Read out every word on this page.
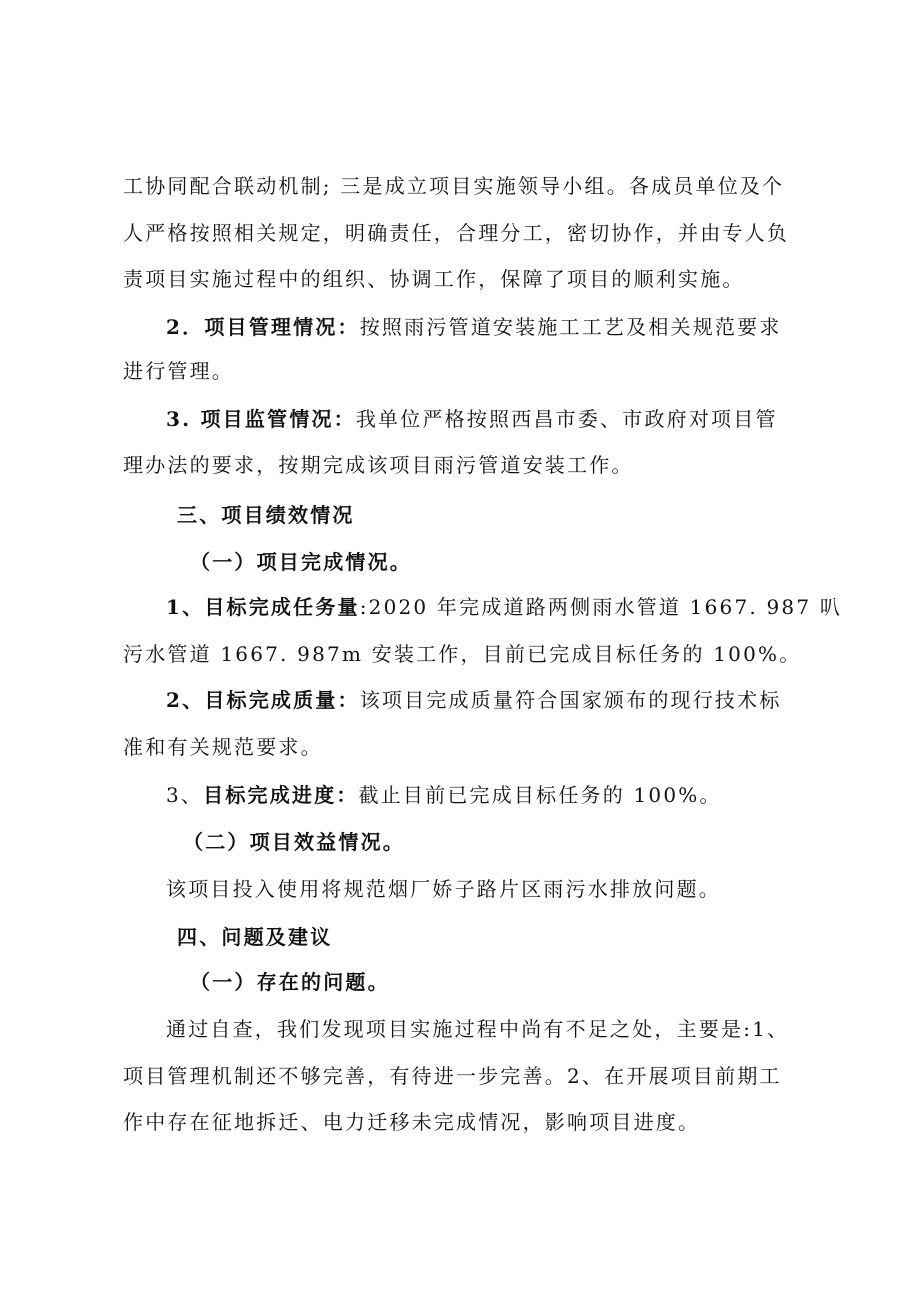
工协同配合联动机制; 三是成立项目实施领导小组。各成员单位及个
人严格按照相关规定，明确责任，合理分工，密切协作，并由专人负
责项目实施过程中的组织、协调工作，保障了项目的顺利实施。
2．项目管理情况：按照雨污管道安装施工工艺及相关规范要求
进行管理。
3. 项目监管情况：我单位严格按照西昌市委、市政府对项目管
理办法的要求，按期完成该项目雨污管道安装工作。
三、项目绩效情况
（一）项目完成情况。
1、目标完成任务量:2020 年完成道路两侧雨水管道 1667. 987 叭
污水管道 1667. 987m 安装工作，目前已完成目标任务的 100%。
2、目标完成质量：该项目完成质量符合国家颁布的现行技术标
准和有关规范要求。
3、目标完成进度：截止目前已完成目标任务的 100%。
（二）项目效益情况。
该项目投入使用将规范烟厂娇子路片区雨污水排放问题。
四、问题及建议
（一）存在的问题。
通过自查，我们发现项目实施过程中尚有不足之处，主要是:1、
项目管理机制还不够完善，有待进一步完善。2、在开展项目前期工
作中存在征地拆迁、电力迁移未完成情况，影响项目进度。
